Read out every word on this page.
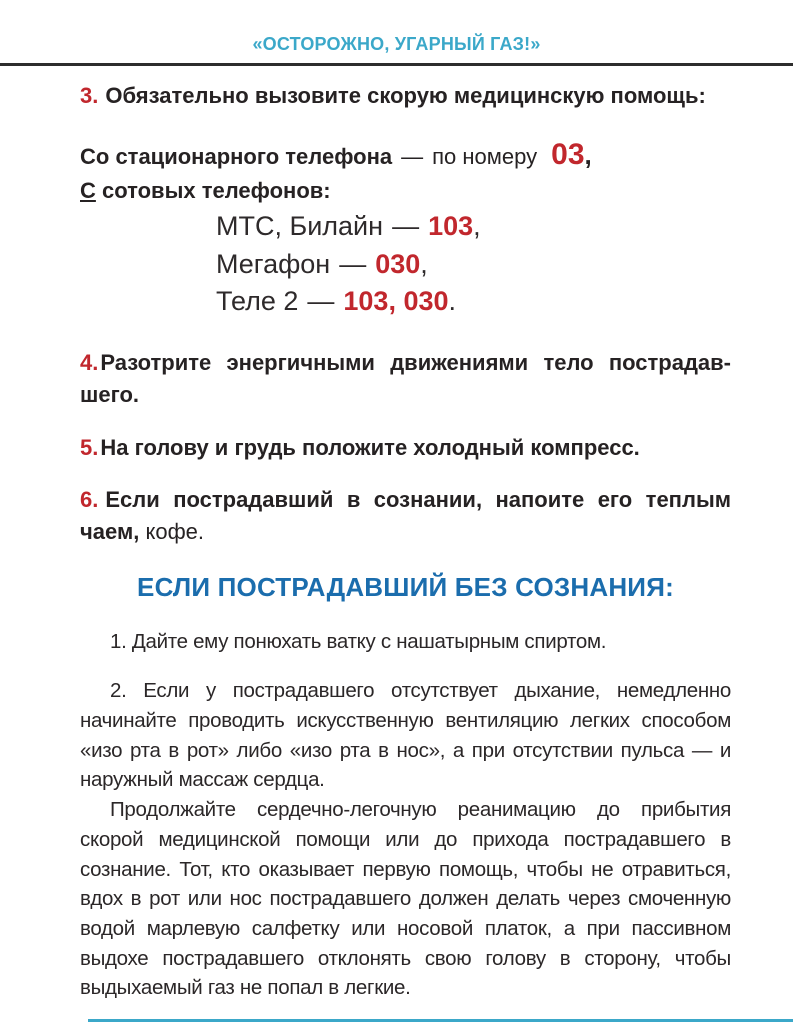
«ОСТОРОЖНО, УГАРНЫЙ ГАЗ!»
3. Обязательно вызовите скорую медицинскую помощь:
Со стационарного телефона — по номеру 03,
С сотовых телефонов:
МТС, Билайн — 103,
Мегафон — 030,
Теле 2 — 103, 030.
4.Разотрите энергичными движениями тело пострадавшего.
5.На голову и грудь положите холодный компресс.
6. Если пострадавший в сознании, напоите его теплым чаем, кофе.
ЕСЛИ ПОСТРАДАВШИЙ БЕЗ СОЗНАНИЯ:
1. Дайте ему понюхать ватку с нашатырным спиртом.
2. Если у пострадавшего отсутствует дыхание, немедленно начинайте проводить искусственную вентиляцию легких способом «изо рта в рот» либо «изо рта в нос», а при отсутствии пульса — и наружный массаж сердца.
Продолжайте сердечно-легочную реанимацию до прибытия скорой медицинской помощи или до прихода пострадавшего в сознание. Тот, кто оказывает первую помощь, чтобы не отравиться, вдох в рот или нос пострадавшего должен делать через смоченную водой марлевую салфетку или носовой платок, а при пассивном выдохе пострадавшего отклонять свою голову в сторону, чтобы выдыхаемый газ не попал в легкие.
